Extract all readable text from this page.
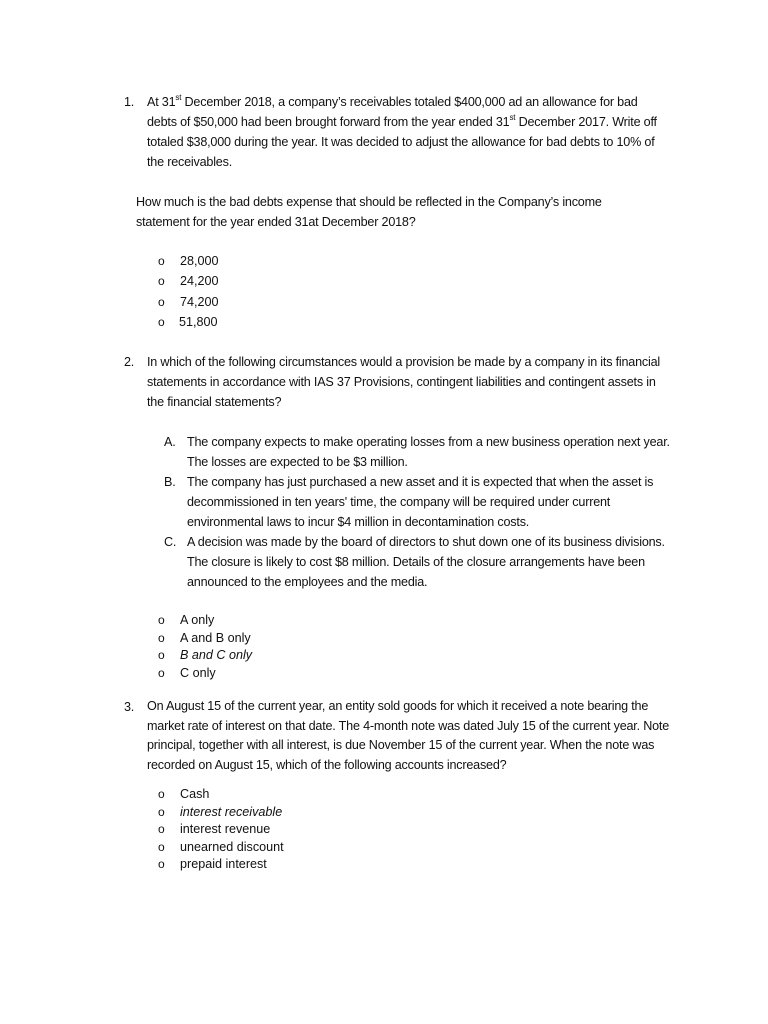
1. At 31st December 2018, a company’s receivables totaled $400,000 ad an allowance for bad debts of $50,000 had been brought forward from the year ended 31st December 2017. Write off totaled $38,000 during the year. It was decided to adjust the allowance for bad debts to 10% of the receivables.
How much is the bad debts expense that should be reflected in the Company’s income statement for the year ended 31at December 2018?
o 28,000
o 24,200
o 74,200
o 51,800
2. In which of the following circumstances would a provision be made by a company in its financial statements in accordance with IAS 37 Provisions, contingent liabilities and contingent assets in the financial statements?
A. The company expects to make operating losses from a new business operation next year. The losses are expected to be $3 million.
B. The company has just purchased a new asset and it is expected that when the asset is decommissioned in ten years' time, the company will be required under current environmental laws to incur $4 million in decontamination costs.
C. A decision was made by the board of directors to shut down one of its business divisions. The closure is likely to cost $8 million. Details of the closure arrangements have been announced to the employees and the media.
o A only
o A and B only
o B and C only
o C only
3. On August 15 of the current year, an entity sold goods for which it received a note bearing the market rate of interest on that date. The 4-month note was dated July 15 of the current year. Note principal, together with all interest, is due November 15 of the current year. When the note was recorded on August 15, which of the following accounts increased?
o Cash
o interest receivable
o interest revenue
o unearned discount
o prepaid interest
